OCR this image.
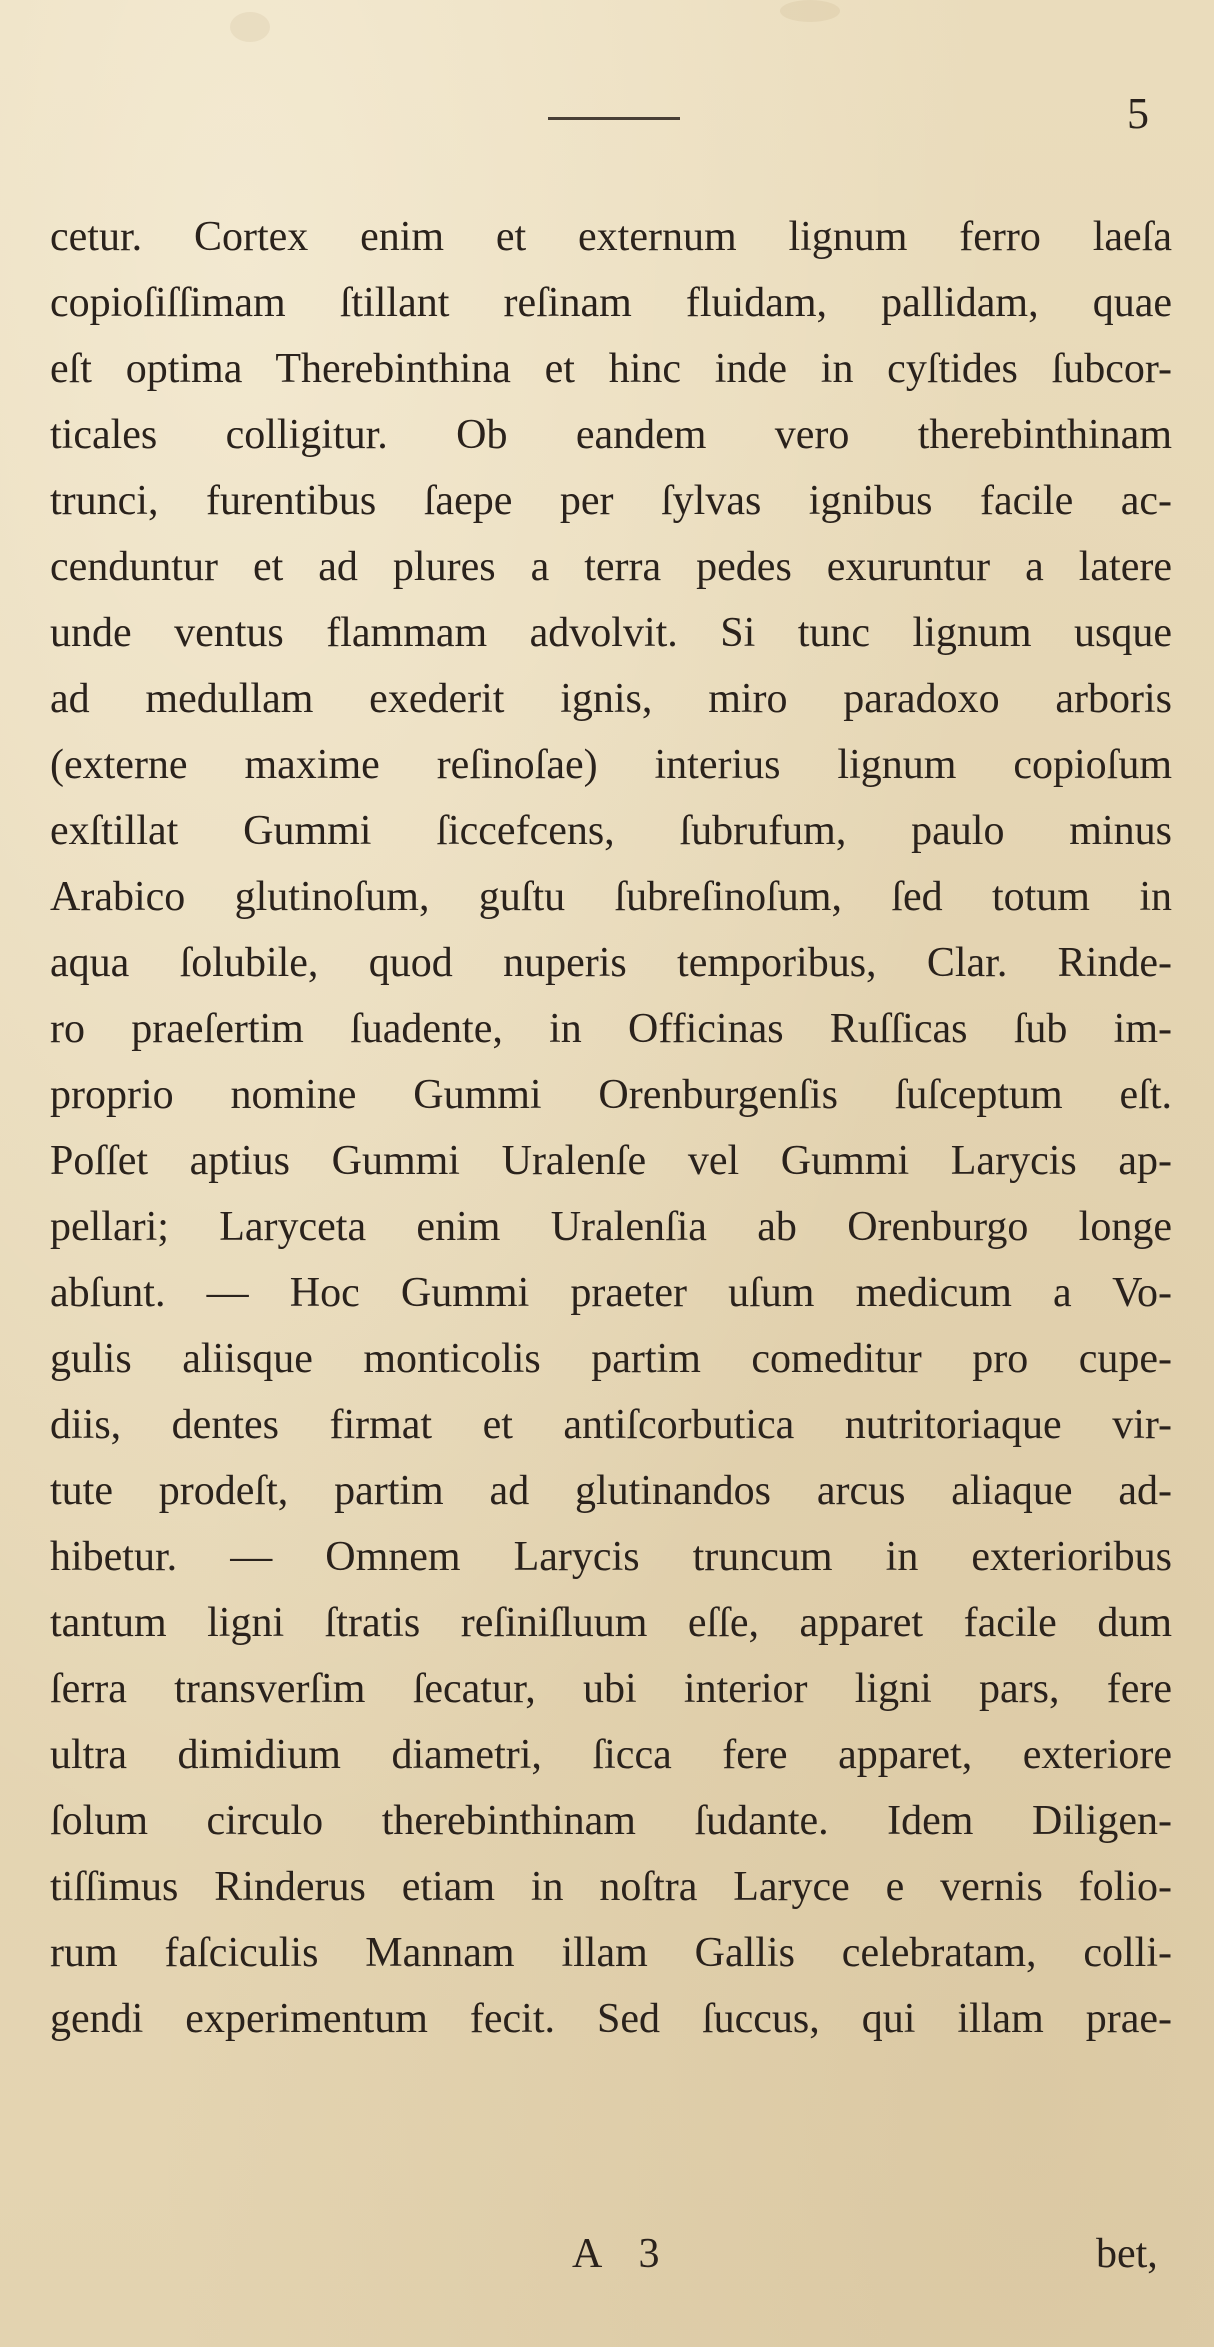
5
cetur. Cortex enim et externum lignum ferro laeſa
copioſiſſimam ſtillant reſinam fluidam, pallidam, quae
eſt optima Therebinthina et hinc inde in cyſtides ſubcor-
ticales colligitur. Ob eandem vero therebinthinam
trunci, furentibus ſaepe per ſylvas ignibus facile ac-
cenduntur et ad plures a terra pedes exuruntur a latere
unde ventus flammam advolvit. Si tunc lignum usque
ad medullam exederit ignis, miro paradoxo arboris
(externe maxime reſinoſae) interius lignum copioſum
exſtillat Gummi ſiccefcens, ſubrufum, paulo minus
Arabico glutinoſum, guſtu ſubreſinoſum, ſed totum in
aqua ſolubile, quod nuperis temporibus, Clar. Rinde-
ro praeſertim ſuadente, in Officinas Ruſſicas ſub im-
proprio nomine Gummi Orenburgenſis ſuſceptum eſt.
Poſſet aptius Gummi Uralenſe vel Gummi Larycis ap-
pellari; Laryceta enim Uralenſia ab Orenburgo longe
abſunt. — Hoc Gummi praeter uſum medicum a Vo-
gulis aliisque monticolis partim comeditur pro cupe-
diis, dentes firmat et antiſcorbutica nutritoriaque vir-
tute prodeſt, partim ad glutinandos arcus aliaque ad-
hibetur. — Omnem Larycis truncum in exterioribus
tantum ligni ſtratis reſiniſluum eſſe, apparet facile dum
ſerra transverſim ſecatur, ubi interior ligni pars, fere
ultra dimidium diametri, ſicca fere apparet, exteriore
ſolum circulo therebinthinam ſudante. Idem Diligen-
tiſſimus Rinderus etiam in noſtra Laryce e vernis folio-
rum faſciculis Mannam illam Gallis celebratam, colli-
gendi experimentum fecit. Sed ſuccus, qui illam prae-
A 3	bet,
